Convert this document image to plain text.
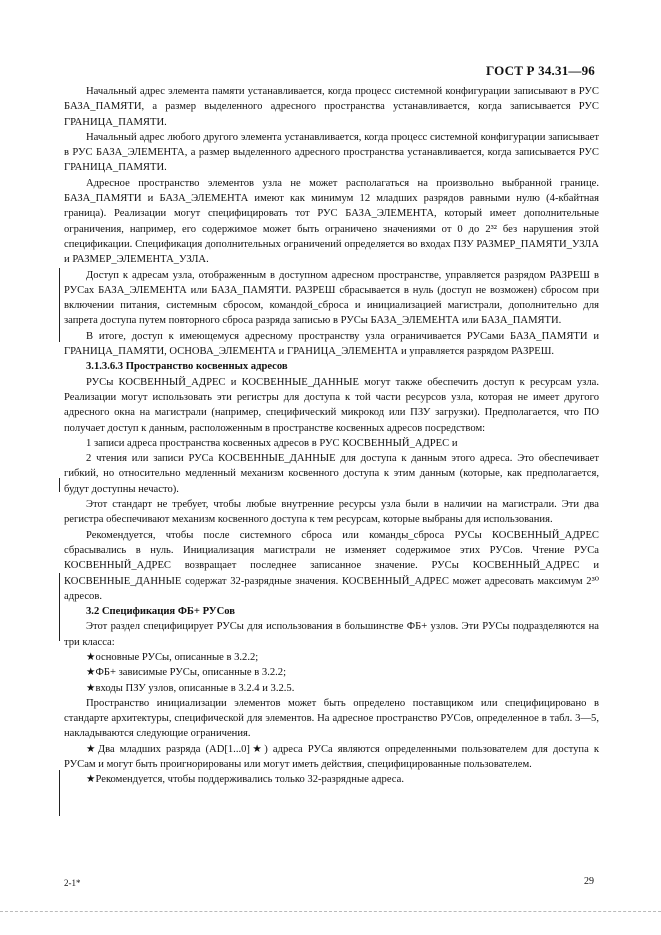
ГОСТ Р 34.31—96

Начальный адрес элемента памяти устанавливается, когда процесс системной конфигурации записывают в РУС БАЗА_ПАМЯТИ, а размер выделенного адресного пространства устанавливается, когда записывается РУС ГРАНИЦА_ПАМЯТИ.

Начальный адрес любого другого элемента устанавливается, когда процесс системной конфигурации записывает в РУС БАЗА_ЭЛЕМЕНТА, а размер выделенного адресного пространства устанавливается, когда записывается РУС ГРАНИЦА_ПАМЯТИ.

Адресное пространство элементов узла не может располагаться на произвольно выбранной границе. БАЗА_ПАМЯТИ и БАЗА_ЭЛЕМЕНТА имеют как минимум 12 младших разрядов равными нулю (4-кбайтная граница). Реализации могут специфицировать тот РУС БАЗА_ЭЛЕМЕНТА, который имеет дополнительные ограничения, например, его содержимое может быть ограничено значениями от 0 до 2³² без нарушения этой спецификации. Спецификация дополнительных ограничений определяется во входах ПЗУ РАЗМЕР_ПАМЯТИ_УЗЛА и РАЗМЕР_ЭЛЕМЕНТА_УЗЛА.

Доступ к адресам узла, отображенным в доступном адресном пространстве, управляется разрядом РАЗРЕШ в РУСах БАЗА_ЭЛЕМЕНТА или БАЗА_ПАМЯТИ. РАЗРЕШ сбрасывается в нуль (доступ не возможен) сбросом при включении питания, системным сбросом, командой_сброса и инициализацией магистрали, дополнительно для запрета доступа путем повторного сброса разряда записью в РУСы БАЗА_ЭЛЕМЕНТА или БАЗА_ПАМЯТИ.

В итоге, доступ к имеющемуся адресному пространству узла ограничивается РУСами БАЗА_ПАМЯТИ и ГРАНИЦА_ПАМЯТИ, ОСНОВА_ЭЛЕМЕНТА и ГРАНИЦА_ЭЛЕМЕНТА и управляется разрядом РАЗРЕШ.

3.1.3.6.3 Пространство косвенных адресов

РУСы КОСВЕННЫЙ_АДРЕС и КОСВЕННЫЕ_ДАННЫЕ могут также обеспечить доступ к ресурсам узла. Реализации могут использовать эти регистры для доступа к той части ресурсов узла, которая не имеет другого адресного окна на магистрали (например, специфический микрокод или ПЗУ загрузки). Предполагается, что ПО получает доступ к данным, расположенным в пространстве косвенных адресов посредством:

1 записи адреса пространства косвенных адресов в РУС КОСВЕННЫЙ_АДРЕС и

2 чтения или записи РУСа КОСВЕННЫЕ_ДАННЫЕ для доступа к данным этого адреса. Это обеспечивает гибкий, но относительно медленный механизм косвенного доступа к этим данным (которые, как предполагается, будут доступны нечасто).

Этот стандарт не требует, чтобы любые внутренние ресурсы узла были в наличии на магистрали. Эти два регистра обеспечивают механизм косвенного доступа к тем ресурсам, которые выбраны для использования.

Рекомендуется, чтобы после системного сброса или команды_сброса РУСы КОСВЕННЫЙ_АДРЕС сбрасывались в нуль. Инициализация магистрали не изменяет содержимое этих РУСов. Чтение РУСа КОСВЕННЫЙ_АДРЕС возвращает последнее записанное значение. РУСы КОСВЕННЫЙ_АДРЕС и КОСВЕННЫЕ_ДАННЫЕ содержат 32-разрядные значения. КОСВЕННЫЙ_АДРЕС может адресовать максимум 2³⁰ адресов.

3.2 Спецификация ФБ+ РУСов

Этот раздел специфицирует РУСы для использования в большинстве ФБ+ узлов. Эти РУСы подразделяются на три класса:

★основные РУСы, описанные в 3.2.2;

★ФБ+ зависимые РУСы, описанные в 3.2.2;

★входы ПЗУ узлов, описанные в 3.2.4 и 3.2.5.

Пространство инициализации элементов может быть определено поставщиком или специфицировано в стандарте архитектуры, специфической для элементов. На адресное пространство РУСов, определенное в табл. 3—5, накладываются следующие ограничения.

★Два младших разряда (AD[1...0]★) адреса РУСа являются определенными пользователем для доступа к РУСам и могут быть проигнорированы или могут иметь действия, специфицированные пользователем.

★Рекомендуется, чтобы поддерживались только 32-разрядные адреса.

2-1*	29
